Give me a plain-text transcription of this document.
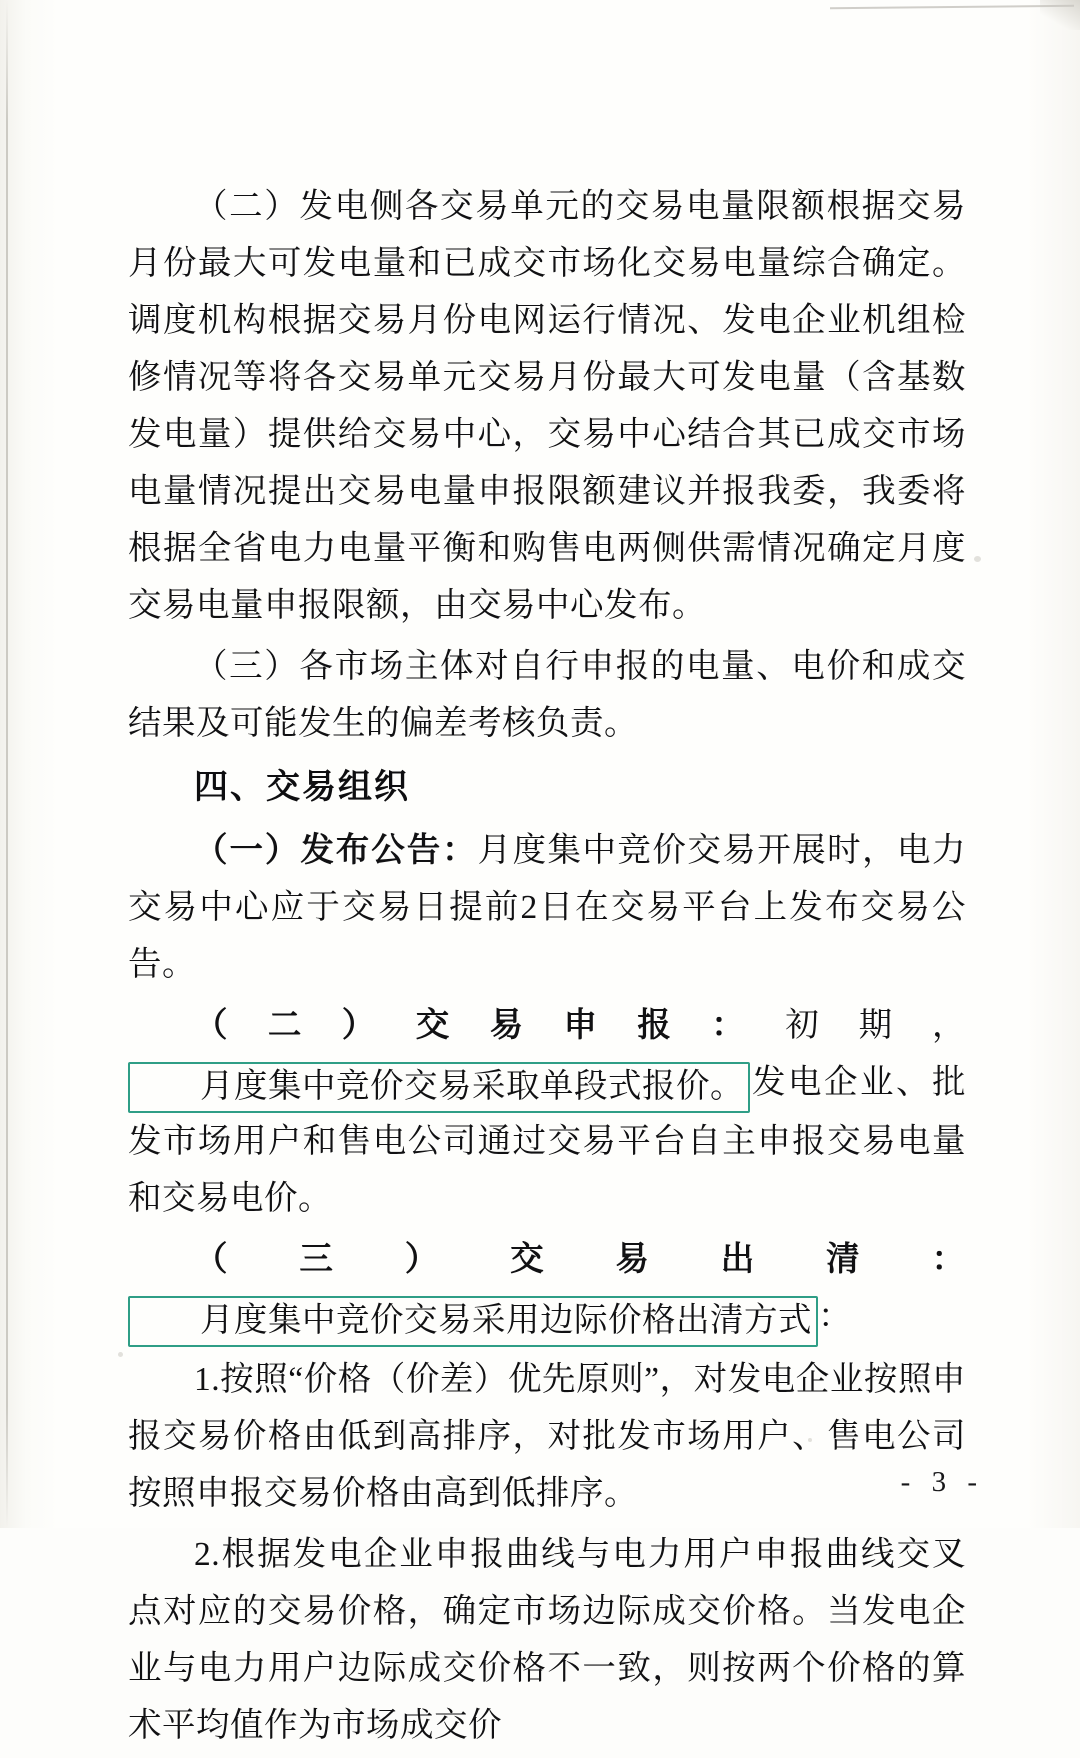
（二）发电侧各交易单元的交易电量限额根据交易月份最大可发电量和已成交市场化交易电量综合确定。调度机构根据交易月份电网运行情况、发电企业机组检修情况等将各交易单元交易月份最大可发电量（含基数发电量）提供给交易中心，交易中心结合其已成交市场电量情况提出交易电量申报限额建议并报我委，我委将根据全省电力电量平衡和购售电两侧供需情况确定月度交易电量申报限额，由交易中心发布。

（三）各市场主体对自行申报的电量、电价和成交结果及可能发生的偏差考核负责。

四、交易组织

（一）发布公告：月度集中竞价交易开展时，电力交易中心应于交易日提前2日在交易平台上发布交易公告。

（二）交易申报：初期，月度集中竞价交易采取单段式报价。 发电企业、批发市场用户和售电公司通过交易平台自主申报交易电量和交易电价。

（三）交易出清：月度集中竞价交易采用边际价格出清方式 ：

1.按照“价格（价差）优先原则”，对发电企业按照申报交易价格由低到高排序，对批发市场用户、售电公司按照申报交易价格由高到低排序。

2.根据发电企业申报曲线与电力用户申报曲线交叉点对应的交易价格，确定市场边际成交价格。当发电企业与电力用户边际成交价格不一致，则按两个价格的算术平均值作为市场成交价

- 3 -
